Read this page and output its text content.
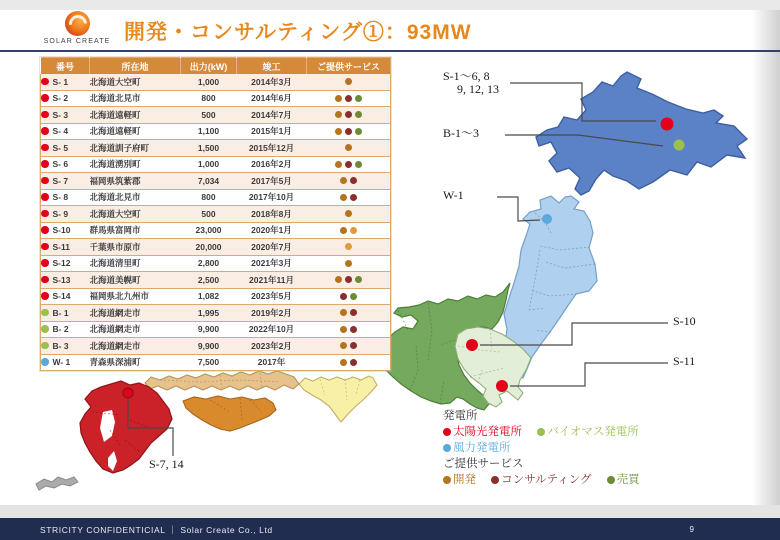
SOLAR CREATE 開発・コンサルティング①：93MW
番号	所在地	出力(kW)	竣工	ご提供サービス
S- 1	北海道大空町	1,000	2014年3月	
S- 2	北海道北見市	800	2014年6月	
S- 3	北海道遠軽町	500	2014年7月	
S- 4	北海道遠軽町	1,100	2015年1月	
S- 5	北海道訓子府町	1,500	2015年12月	
S- 6	北海道湧別町	1,000	2016年2月	
S- 7	福岡県筑紫郡	7,034	2017年5月	
S- 8	北海道北見市	800	2017年10月	
S- 9	北海道大空町	500	2018年8月	
S-10	群馬県富岡市	23,000	2020年1月	
S-11	千葉県市原市	20,000	2020年7月	
S-12	北海道清里町	2,800	2021年3月	
S-13	北海道美幌町	2,500	2021年11月	
S-14	福岡県北九州市	1,082	2023年5月	
B- 1	北海道網走市	1,995	2019年2月	
B- 2	北海道網走市	9,900	2022年10月	
B- 3	北海道網走市	9,900	2023年2月	
W- 1	青森県深浦町	7,500	2017年	
S-1～6, 8
9, 12, 13
B-1～3
W-1
S-10
S-11
S-7, 14
発電所
太陽光発電所 バイオマス発電所
風力発電所
ご提供サービス
開発 コンサルティング 売買
STRICITY CONFIDENTICIAL ｜ Solar Create Co., Ltd	9
